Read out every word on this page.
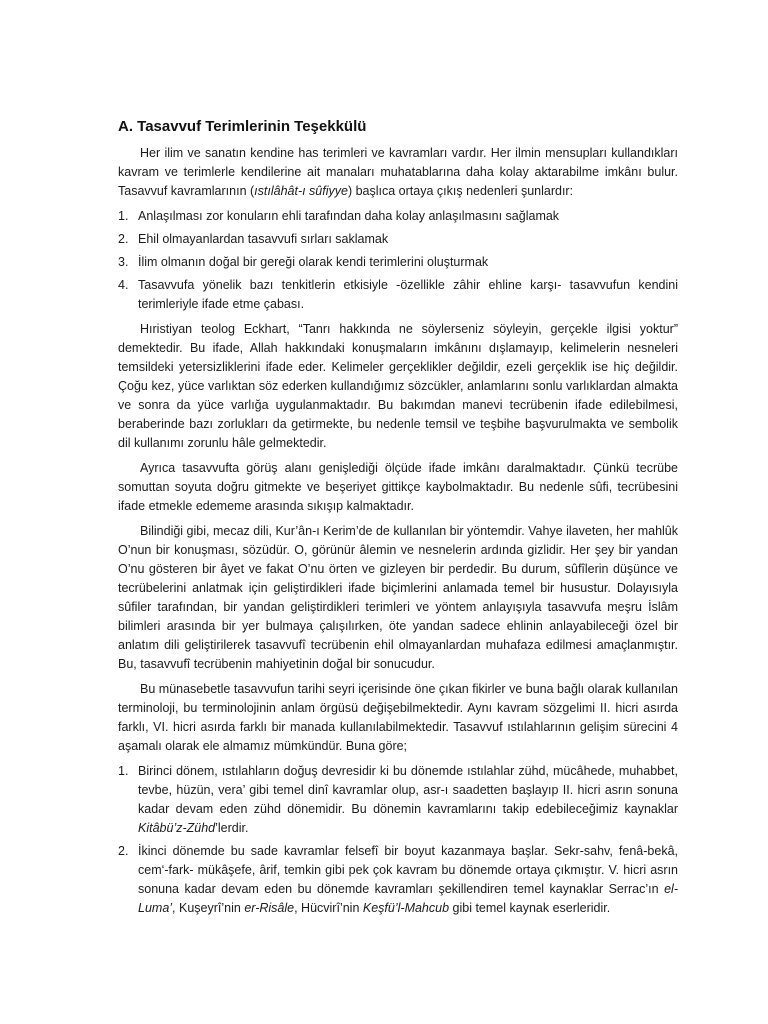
A. Tasavvuf Terimlerinin Teşekkülü

Her ilim ve sanatın kendine has terimleri ve kavramları vardır. Her ilmin mensupları kullandıkları kavram ve terimlerle kendilerine ait manaları muhatablarına daha kolay aktarabilme imkânı bulur. Tasavvuf kavramlarının (ıstılâhât-ı sûfiyye) başlıca ortaya çıkış nedenleri şunlardır:

1. Anlaşılması zor konuların ehli tarafından daha kolay anlaşılmasını sağlamak
2. Ehil olmayanlardan tasavvufi sırları saklamak
3. İlim olmanın doğal bir gereği olarak kendi terimlerini oluşturmak
4. Tasavvufa yönelik bazı tenkitlerin etkisiyle -özellikle zâhir ehline karşı- tasavvufun kendini terimleriyle ifade etme çabası.

Hıristiyan teolog Eckhart, “Tanrı hakkında ne söylerseniz söyleyin, gerçekle ilgisi yoktur” demektedir. Bu ifade, Allah hakkındaki konuşmaların imkânını dışlamayıp, kelimelerin nesneleri temsildeki yetersizliklerini ifade eder. Kelimeler gerçeklikler değildir, ezeli gerçeklik ise hiç değildir. Çoğu kez, yüce varlıktan söz ederken kullandığımız sözcükler, anlamlarını sonlu varlıklardan almakta ve sonra da yüce varlığa uygulanmaktadır. Bu bakımdan manevi tecrübenin ifade edilebilmesi, beraberinde bazı zorlukları da getirmekte, bu nedenle temsil ve teşbihe başvurulmakta ve sembolik dil kullanımı zorunlu hâle gelmektedir.

Ayrıca tasavvufta görüş alanı genişlediği ölçüde ifade imkânı daralmaktadır. Çünkü tecrübe somuttan soyuta doğru gitmekte ve beşeriyet gittikçe kaybolmaktadır. Bu nedenle sûfi, tecrübesini ifade etmekle edememe arasında sıkışıp kalmaktadır.

Bilindiği gibi, mecaz dili, Kur’ân-ı Kerim’de de kullanılan bir yöntemdir. Vahye ilaveten, her mahlûk O’nun bir konuşması, sözüdür. O, görünür âlemin ve nesnelerin ardında gizlidir. Her şey bir yandan O’nu gösteren bir âyet ve fakat O’nu örten ve gizleyen bir perdedir. Bu durum, sûfîlerin düşünce ve tecrübelerini anlatmak için geliştirdikleri ifade biçimlerini anlamada temel bir husustur. Dolayısıyla sûfiler tarafından, bir yandan geliştirdikleri terimleri ve yöntem anlayışıyla tasavvufa meşru İslâm bilimleri arasında bir yer bulmaya çalışılırken, öte yandan sadece ehlinin anlayabileceği özel bir anlatım dili geliştirilerek tasavvufî tecrübenin ehil olmayanlardan muhafaza edilmesi amaçlanmıştır. Bu, tasavvufî tecrübenin mahiyetinin doğal bir sonucudur.

Bu münasebetle tasavvufun tarihi seyri içerisinde öne çıkan fikirler ve buna bağlı olarak kullanılan terminoloji, bu terminolojinin anlam örgüsü değişebilmektedir. Aynı kavram sözgelimi II. hicri asırda farklı, VI. hicri asırda farklı bir manada kullanılabilmektedir. Tasavvuf ıstılahlarının gelişim sürecini 4 aşamalı olarak ele almamız mümkündür. Buna göre;

1. Birinci dönem, ıstılahların doğuş devresidir ki bu dönemde ıstılahlar zühd, mücâhede, muhabbet, tevbe, hüzün, vera’ gibi temel dinî kavramlar olup, asr-ı saadetten başlayıp II. hicri asrın sonuna kadar devam eden zühd dönemidir. Bu dönemin kavramlarını takip edebileceğimiz kaynaklar Kitâbü’z-Zühd’lerdir.
2. İkinci dönemde bu sade kavramlar felsefî bir boyut kazanmaya başlar. Sekr-sahv, fenâ-bekâ, cem‘-fark- mükâşefe, ârif, temkin gibi pek çok kavram bu dönemde ortaya çıkmıştır. V. hicri asrın sonuna kadar devam eden bu dönemde kavramları şekillendiren temel kaynaklar Serrac’ın el-Luma’, Kuşeyrî’nin er-Risâle, Hücvirî’nin Keşfü’l-Mahcub gibi temel kaynak eserleridir.
